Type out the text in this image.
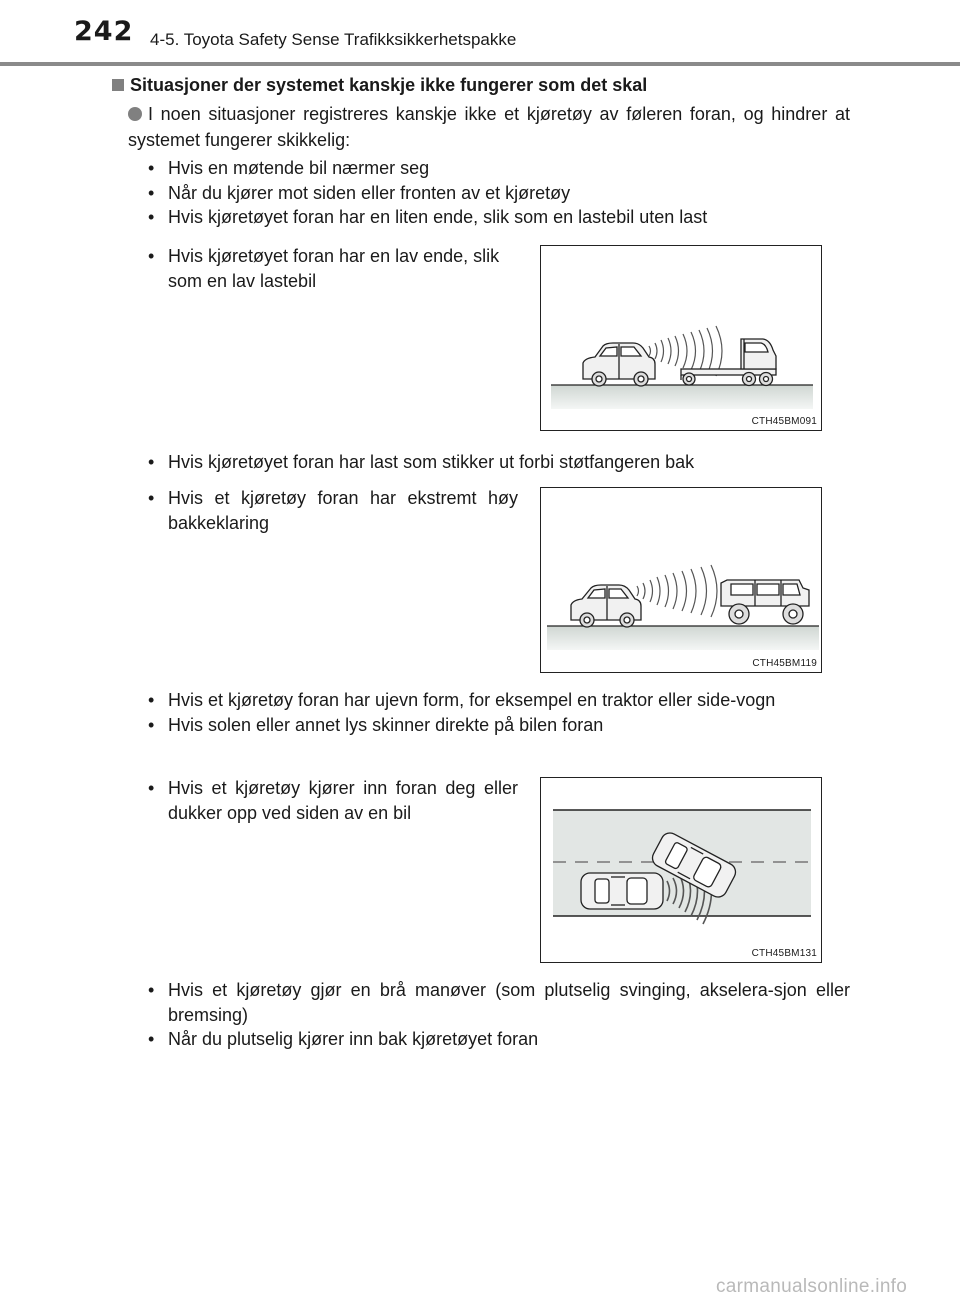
242 4-5. Toyota Safety Sense Trafikksikkerhetspakke
Situasjoner der systemet kanskje ikke fungerer som det skal
I noen situasjoner registreres kanskje ikke et kjøretøy av føleren foran, og hindrer at systemet fungerer skikkelig:
• Hvis en møtende bil nærmer seg
• Når du kjører mot siden eller fronten av et kjøretøy
• Hvis kjøretøyet foran har en liten ende, slik som en lastebil uten last
• Hvis kjøretøyet foran har en lav ende, slik som en lav lastebil
CTH45BM091
• Hvis kjøretøyet foran har last som stikker ut forbi støtfangeren bak
• Hvis et kjøretøy foran har ekstremt høy bakkeklaring
CTH45BM119
• Hvis et kjøretøy foran har ujevn form, for eksempel en traktor eller side-vogn
• Hvis solen eller annet lys skinner direkte på bilen foran
• Hvis et kjøretøy kjører inn foran deg eller dukker opp ved siden av en bil
CTH45BM131
• Hvis et kjøretøy gjør en brå manøver (som plutselig svinging, akselera-sjon eller bremsing)
• Når du plutselig kjører inn bak kjøretøyet foran
carmanualsonline.info
